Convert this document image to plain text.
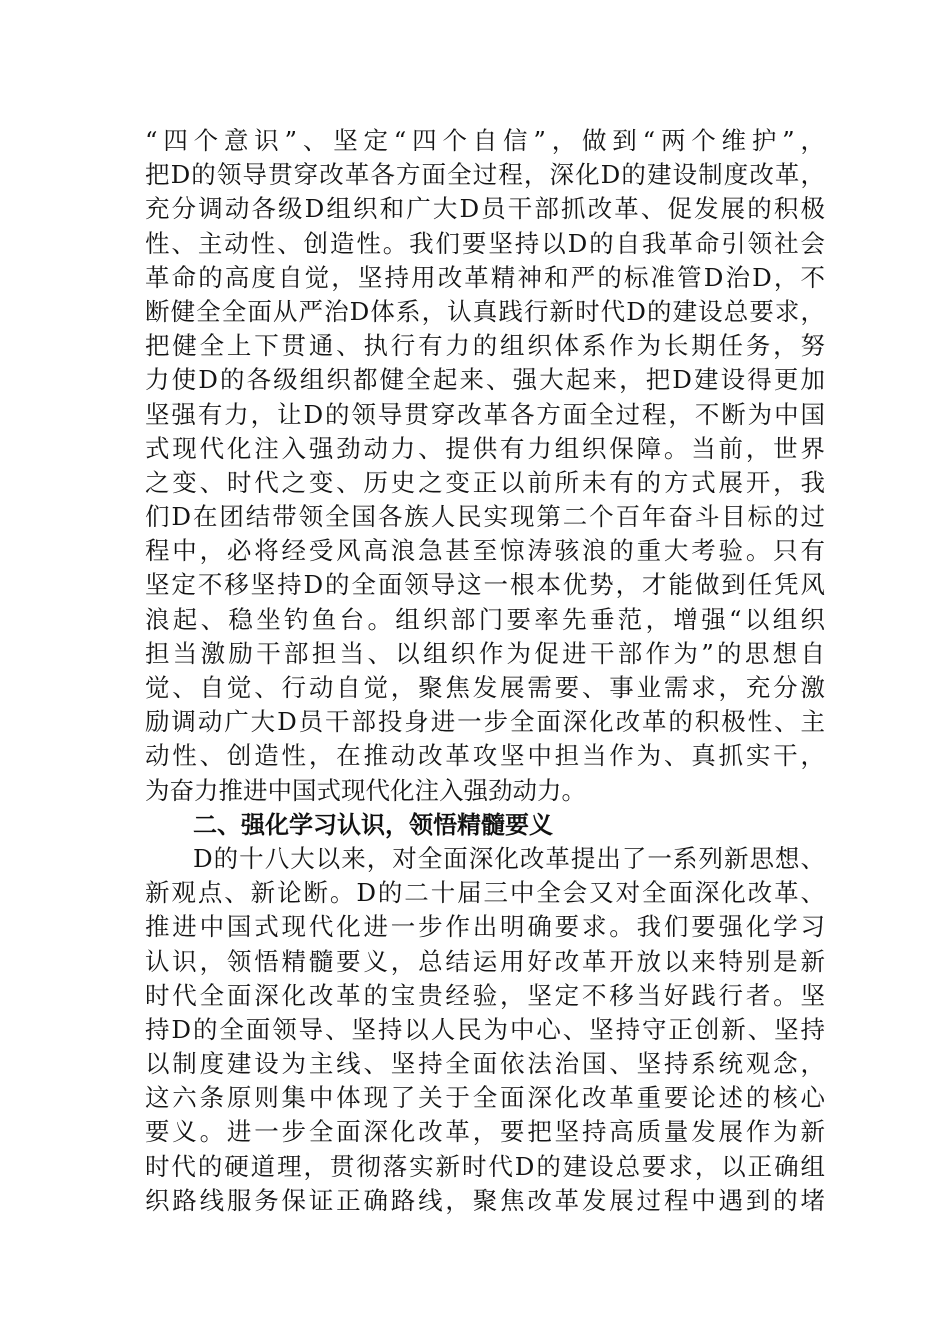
“四个意识”、坚定“四个自信”，做到“两个维护”，
把D的领导贯穿改革各方面全过程，深化D的建设制度改革，
充分调动各级D组织和广大D员干部抓改革、促发展的积极
性、主动性、创造性。我们要坚持以D的自我革命引领社会
革命的高度自觉，坚持用改革精神和严的标准管D治D，不
断健全全面从严治D体系，认真践行新时代D的建设总要求，
把健全上下贯通、执行有力的组织体系作为长期任务，努
力使D的各级组织都健全起来、强大起来，把D建设得更加
坚强有力，让D的领导贯穿改革各方面全过程，不断为中国
式现代化注入强劲动力、提供有力组织保障。当前，世界
之变、时代之变、历史之变正以前所未有的方式展开，我
们D在团结带领全国各族人民实现第二个百年奋斗目标的过
程中，必将经受风高浪急甚至惊涛骇浪的重大考验。只有
坚定不移坚持D的全面领导这一根本优势，才能做到任凭风
浪起、稳坐钓鱼台。组织部门要率先垂范，增强“以组织
担当激励干部担当、以组织作为促进干部作为”的思想自
觉、自觉、行动自觉，聚焦发展需要、事业需求，充分激
励调动广大D员干部投身进一步全面深化改革的积极性、主
动性、创造性，在推动改革攻坚中担当作为、真抓实干，
为奋力推进中国式现代化注入强劲动力。
二、强化学习认识，领悟精髓要义
D的十八大以来，对全面深化改革提出了一系列新思想、
新观点、新论断。D的二十届三中全会又对全面深化改革、
推进中国式现代化进一步作出明确要求。我们要强化学习
认识，领悟精髓要义，总结运用好改革开放以来特别是新
时代全面深化改革的宝贵经验，坚定不移当好践行者。坚
持D的全面领导、坚持以人民为中心、坚持守正创新、坚持
以制度建设为主线、坚持全面依法治国、坚持系统观念，
这六条原则集中体现了关于全面深化改革重要论述的核心
要义。进一步全面深化改革，要把坚持高质量发展作为新
时代的硬道理，贯彻落实新时代D的建设总要求，以正确组
织路线服务保证正确路线，聚焦改革发展过程中遇到的堵
